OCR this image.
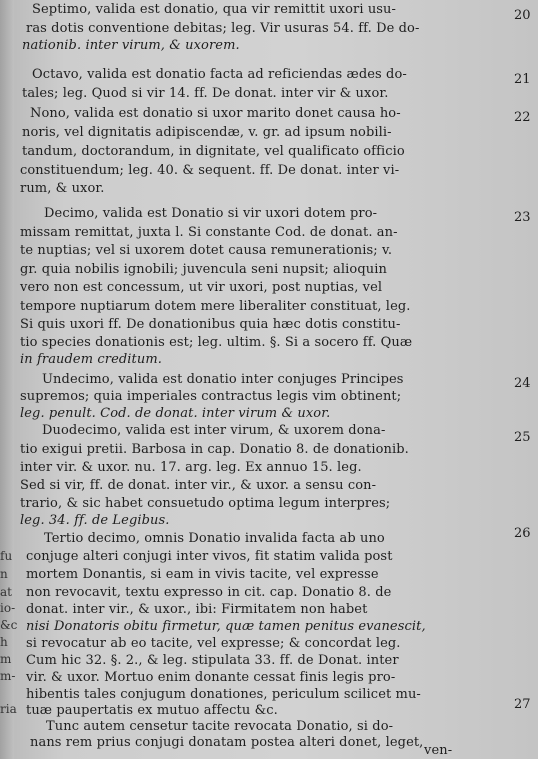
Septimo, valida est donatio, qua vir remittit uxori usu-
ras dotis conventione debitas; leg. Vir usuras 54. ff. De do-
nationib. inter virum, & uxorem.
Octavo, valida est donatio facta ad reficiendas ædes do-
tales; leg. Quod si vir 14. ff. De donat. inter vir & uxor.
Nono, valida est donatio si uxor marito donet causa ho-
noris, vel dignitatis adipiscendæ, v. gr. ad ipsum nobili-
tandum, doctorandum, in dignitate, vel qualificato officio
constituendum; leg. 40. & sequent. ff. De donat. inter vi-
rum, & uxor.
Decimo, valida est Donatio si vir uxori dotem pro-
missam remittat, juxta l. Si constante Cod. de donat. an-
te nuptias; vel si uxorem dotet causa remunerationis; v.
gr. quia nobilis ignobili; juvencula seni nupsit; alioquin
vero non est concessum, ut vir uxori, post nuptias, vel
tempore nuptiarum dotem mere liberaliter constituat, leg.
Si quis uxori ff. De donationibus quia hæc dotis constitu-
tio species donationis est; leg. ultim. §. Si a socero ff. Quæ
in fraudem creditum.
Undecimo, valida est donatio inter conjuges Principes
supremos; quia imperiales contractus legis vim obtinent;
leg. penult. Cod. de donat. inter virum & uxor.
Duodecimo, valida est inter virum, & uxorem dona-
tio exigui pretii. Barbosa in cap. Donatio 8. de donationib.
inter vir. & uxor. nu. 17. arg. leg. Ex annuo 15. leg.
Sed si vir, ff. de donat. inter vir., & uxor. a sensu con-
trario, & sic habet consuetudo optima legum interpres;
leg. 34. ff. de Legibus.
Tertio decimo, omnis Donatio invalida facta ab uno
conjuge alteri conjugi inter vivos, fit statim valida post
mortem Donantis, si eam in vivis tacite, vel expresse
non revocavit, textu expresso in cit. cap. Donatio 8. de
donat. inter vir., & uxor., ibi: Firmitatem non habet
nisi Donatoris obitu firmetur, quæ tamen penitus evanescit,
si revocatur ab eo tacite, vel expresse; & concordat leg.
Cum hic 32. §. 2., & leg. stipulata 33. ff. de Donat. inter
vir. & uxor. Mortuo enim donante cessat finis legis pro-
hibentis tales conjugum donationes, periculum scilicet mu-
tuæ paupertatis ex mutuo affectu &c.
Tunc autem censetur tacite revocata Donatio, si do-
nans rem prius conjugi donatam postea alteri donet, leget,
ven-
20
21
22
23
24
25
26
27
fu
n
at
io-
&c
h
m
m-
ria
